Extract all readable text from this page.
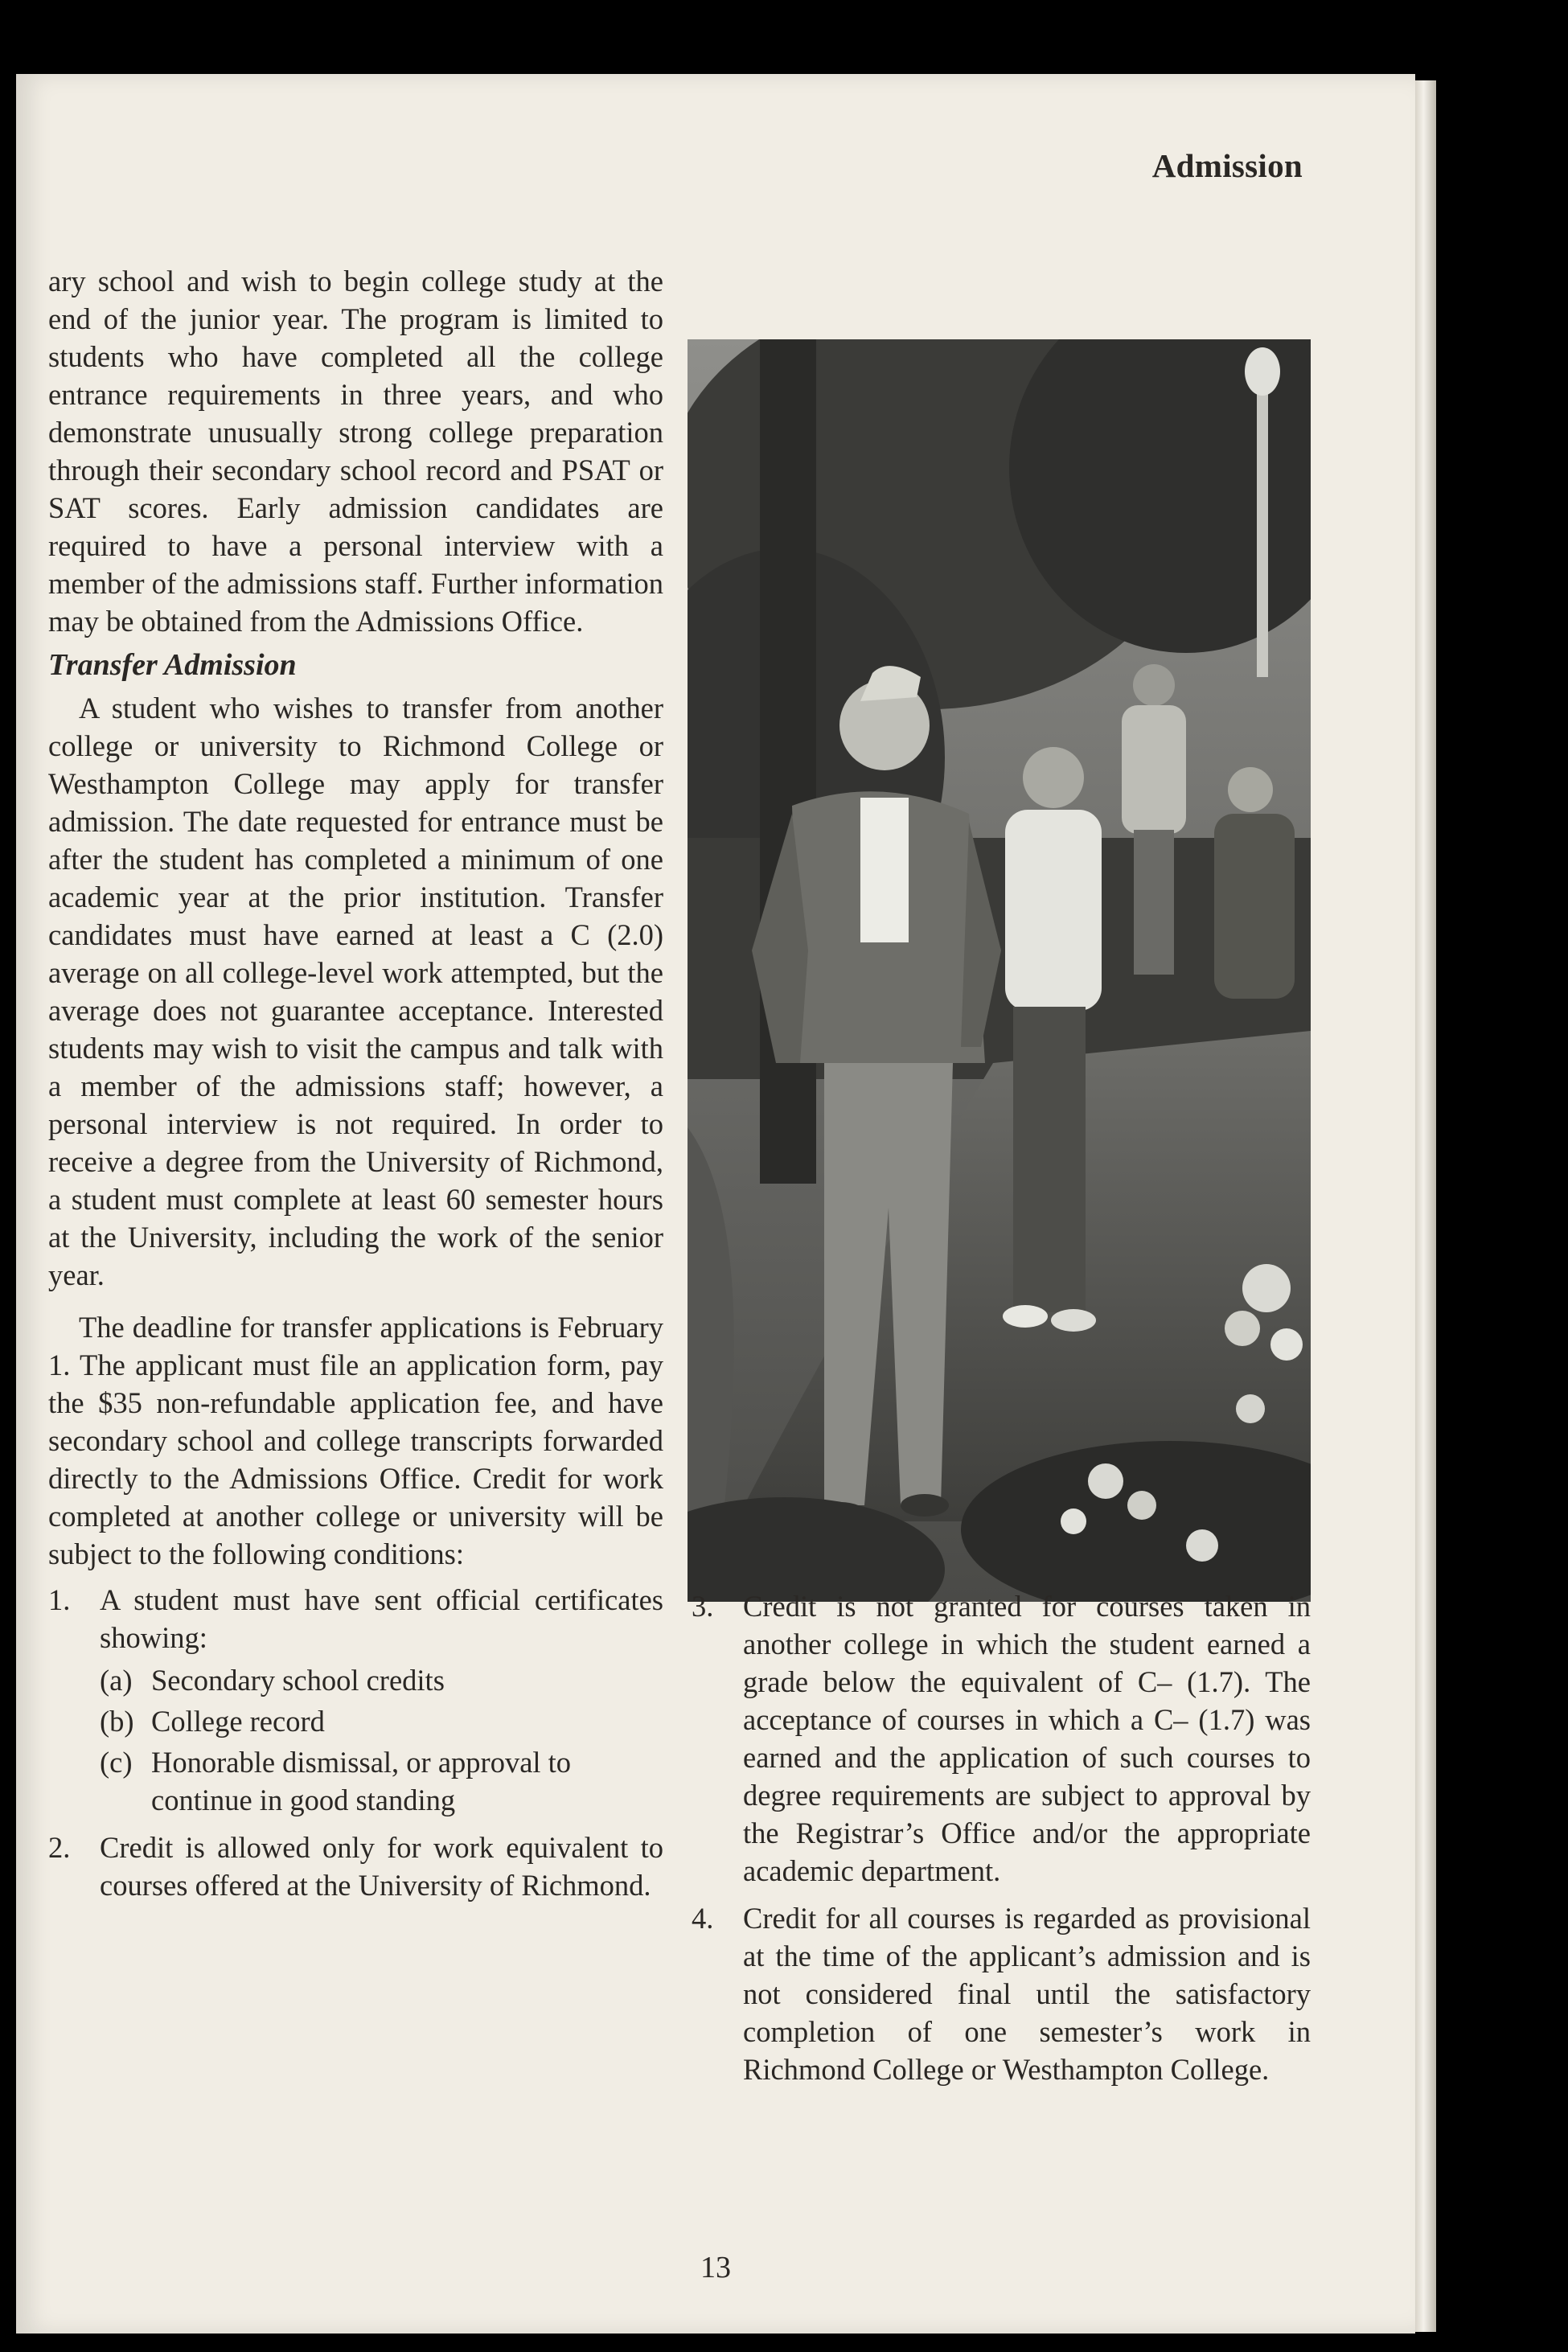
Admission

ary school and wish to begin college study at the end of the junior year. The program is limited to students who have completed all the college entrance requirements in three years, and who demonstrate unusually strong college preparation through their secondary school record and PSAT or SAT scores. Early admission candidates are required to have a personal interview with a member of the admissions staff. Further information may be obtained from the Admissions Office.

Transfer Admission

A student who wishes to transfer from another college or university to Richmond College or Westhampton College may apply for transfer admission. The date requested for entrance must be after the student has completed a minimum of one academic year at the prior institution. Transfer candidates must have earned at least a C (2.0) average on all college-level work attempted, but the average does not guarantee acceptance. Interested students may wish to visit the campus and talk with a member of the admissions staff; however, a personal interview is not required. In order to receive a degree from the University of Richmond, a student must complete at least 60 semester hours at the University, including the work of the senior year.

The deadline for transfer applications is February 1. The applicant must file an application form, pay the $35 non-refundable application fee, and have secondary school and college transcripts forwarded directly to the Admissions Office. Credit for work completed at another college or university will be subject to the following conditions:

1. A student must have sent official certificates showing:
(a) Secondary school credits
(b) College record
(c) Honorable dismissal, or approval to continue in good standing
2. Credit is allowed only for work equivalent to courses offered at the University of Richmond.
3. Credit is not granted for courses taken in another college in which the student earned a grade below the equivalent of C– (1.7). The acceptance of courses in which a C– (1.7) was earned and the application of such courses to degree requirements are subject to approval by the Registrar’s Office and/or the appropriate academic department.
4. Credit for all courses is regarded as provisional at the time of the applicant’s admission and is not considered final until the satisfactory completion of one semester’s work in Richmond College or Westhampton College.
13
